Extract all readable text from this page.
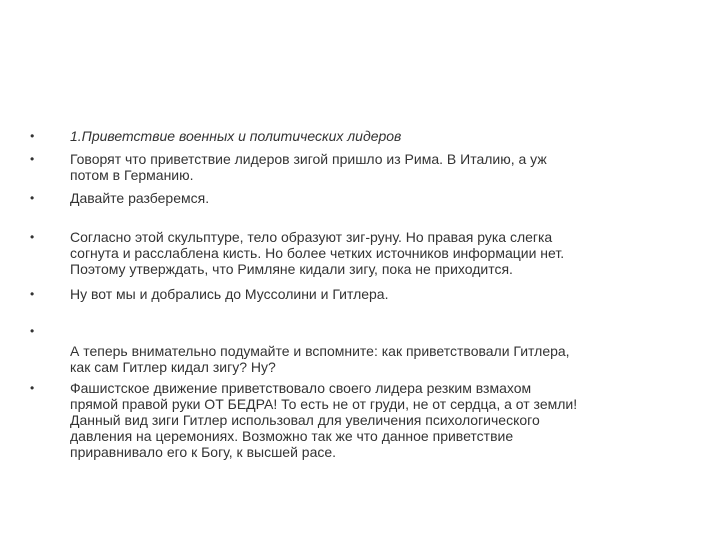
•	1.Приветствие военных и политических лидеров
•	Говорят что приветствие лидеров зигой пришло из Рима. В Италию, а уж
потом в Германию.
•	Давайте разберемся.
•	Согласно этой скульптуре, тело образуют зиг-руну. Но правая рука слегка
согнута и расслаблена кисть. Но более четких источников информации нет.
Поэтому утверждать, что Римляне кидали зигу, пока не приходится.
•	Ну вот мы и добрались до Муссолини и Гитлера.
•
А теперь внимательно подумайте и вспомните: как приветствовали Гитлера,
как сам Гитлер кидал зигу? Ну?
•	Фашистское движение приветствовало своего лидера резким взмахом
прямой правой руки ОТ БЕДРА! То есть не от груди, не от сердца, а от земли!
Данный вид зиги Гитлер использовал для увеличения психологического
давления на церемониях. Возможно так же что данное приветствие
приравнивало его к Богу, к высшей расе.
